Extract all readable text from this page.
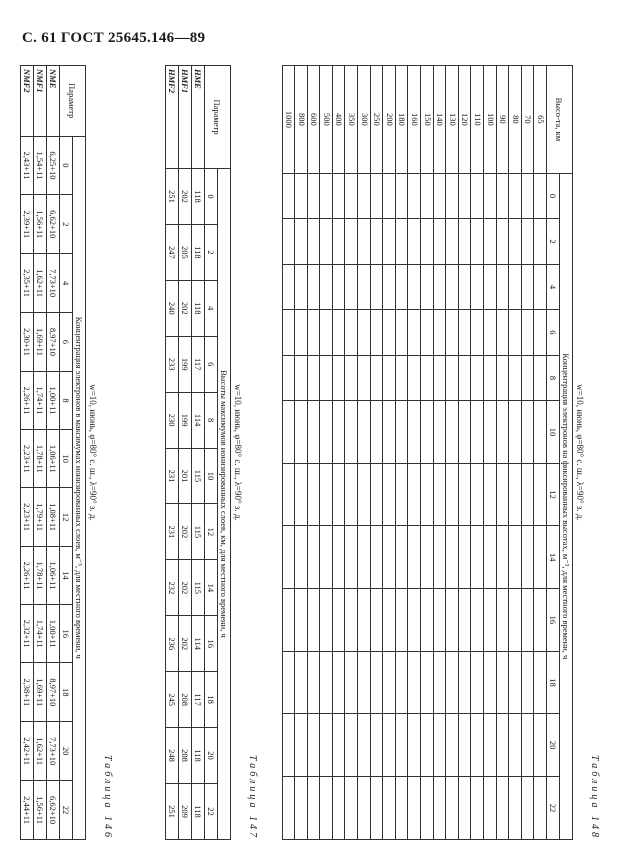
С. 61 ГОСТ 25645.146—89
Таблица 146
w=10, июнь, φ=80° с. ш., λ=90° з. д.
Параметр	Концентрация электронов в максимумах ионизированных слоев, м⁻³, для местного времени, ч											
	0	2	4	6	8	10	12	14	16	18	20	22
NME	6,25+10	6,62+10	7,73+10	8,97+10	1,00+11	1,06+11	1,08+11	1,06+11	1,00+11	8,97+10	7,73+10	6,62+10
NMF1	1,54+11	1,56+11	1,62+11	1,69+11	1,74+11	1,78+11	1,79+11	1,78+11	1,74+11	1,69+11	1,62+11	1,56+11
NMF2	2,43+11	2,39+11	2,35+11	2,30+11	2,26+11	2,23+11	2,23+11	2,26+11	2,32+11	2,38+11	2,42+11	2,44+11	Таблица 147
w=10, июнь, φ=80° с. ш., λ=90° з. д.
Параметр	Высоты максимумов ионизированных слоев, км, для местного времени, ч											
	0	2	4	6	8	10	12	14	16	18	20	22
HME	118	118	118	117	114	115	115	115	114	117	118	118
HMF1	202	205	202	199	199	201	202	202	202	208	208	209
HMF2	251	247	240	233	230	231	231	232	236	245	248	251	Таблица 148
w=10, июнь, φ=80° с. ш., λ=90° з. д.
Высо-та, км	Концентрация электронов на фиксированных высотах, м⁻³, для местного времени, ч											
	0	2	4	6	8	10	12	14	16	18	20	22
65												
70												
80												
90												
100												
110												
120												
130												
140												
150												
160												
180												
200												
250												
300												
350												
400												
500												
600												
800												
1000												
